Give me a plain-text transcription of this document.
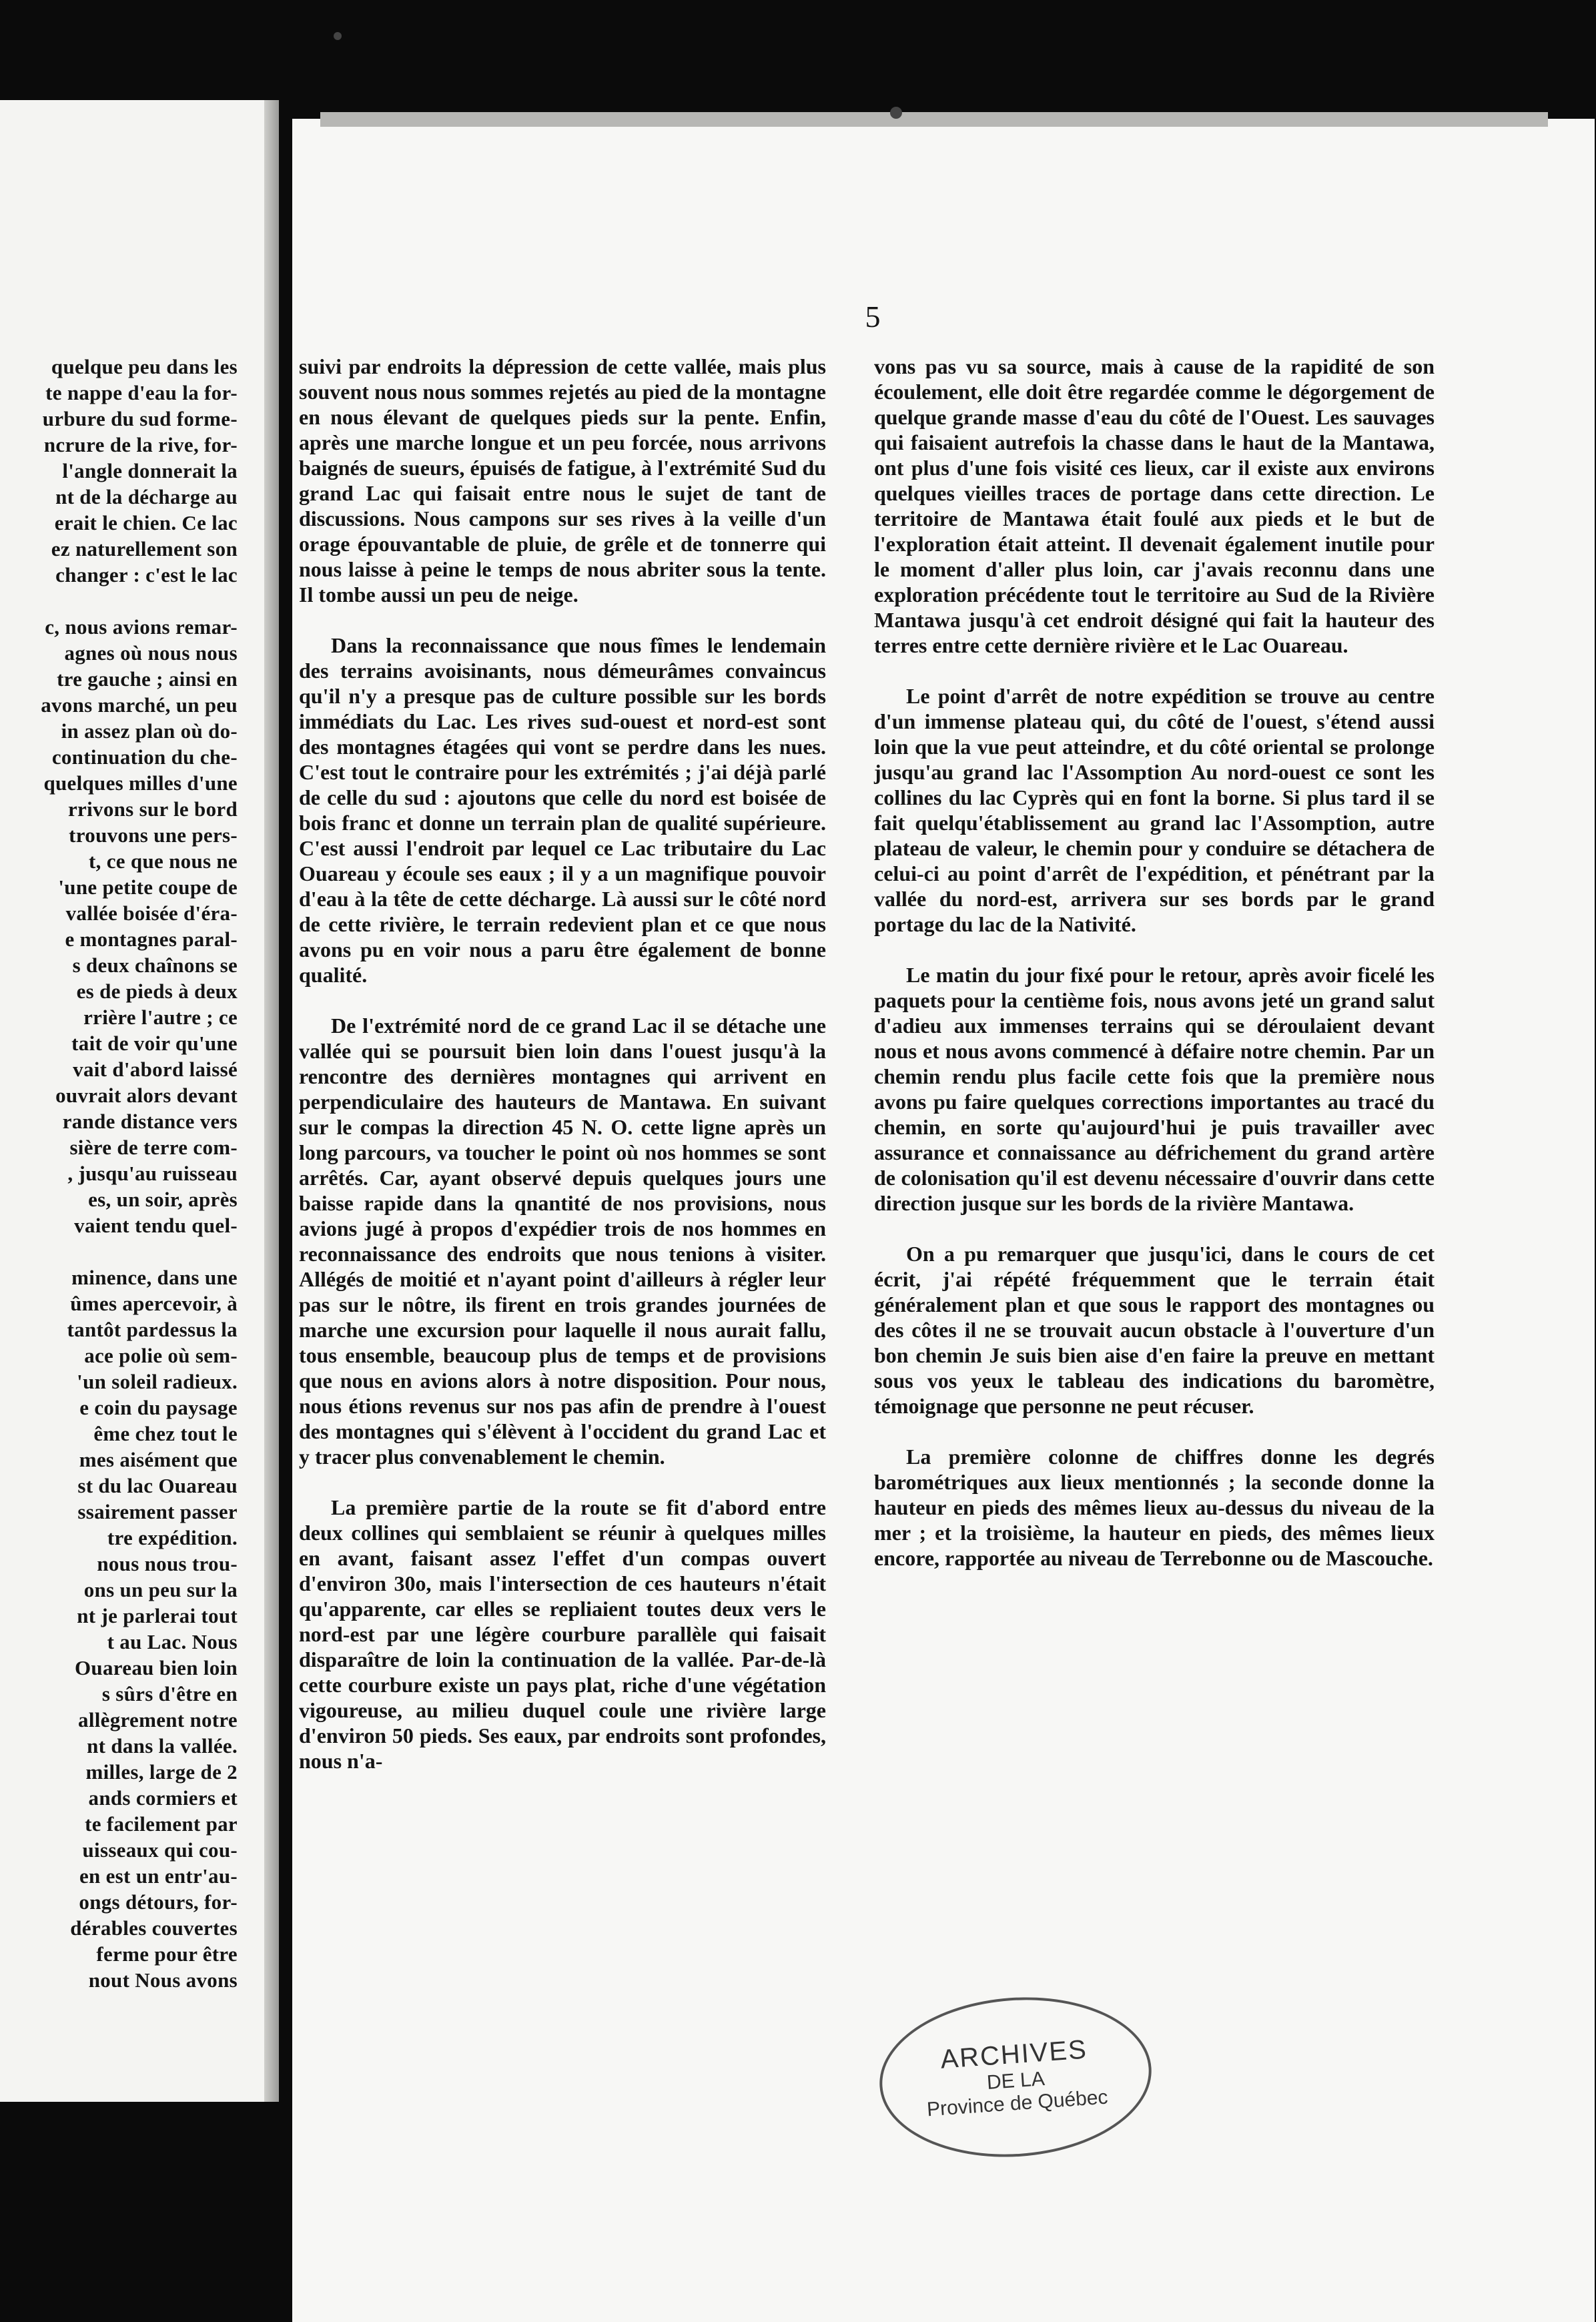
quelque peu dans les
te nappe d'eau la for-
urbure du sud forme-
ncrure de la rive, for-
l'angle donnerait la
nt de la décharge au
erait le chien. Ce lac
ez naturellement son
changer : c'est le lac
c, nous avions remar-
agnes où nous nous
tre gauche ; ainsi en
avons marché, un peu
in assez plan où do-
continuation du che-
quelques milles d'une
rrivons sur le bord
trouvons une pers-
t, ce que nous ne
'une petite coupe de
vallée boisée d'éra-
e montagnes paral-
s deux chaînons se
es de pieds à deux
rrière l'autre ; ce
tait de voir qu'une
vait d'abord laissé
ouvrait alors devant
rande distance vers
sière de terre com-
, jusqu'au ruisseau
es, un soir, après
vaient tendu quel-
minence, dans une
ûmes apercevoir, à
tantôt pardessus la
ace polie où sem-
'un soleil radieux.
e coin du paysage
ême chez tout le
mes aisément que
st du lac Ouareau
ssairement passer
tre expédition.
nous nous trou-
ons un peu sur la
nt je parlerai tout
t au Lac. Nous
Ouareau bien loin
s sûrs d'être en
allègrement notre
nt dans la vallée.
milles, large de 2
ands cormiers et
te facilement par
uisseaux qui cou-
en est un entr'au-
ongs détours, for-
dérables couvertes
ferme pour être
nout Nous avons
5

suivi par endroits la dépression de cette vallée, mais plus souvent nous nous sommes rejetés au pied de la montagne en nous élevant de quelques pieds sur la pente. Enfin, après une marche longue et un peu forcée, nous arrivons baignés de sueurs, épuisés de fatigue, à l'extrémité Sud du grand Lac qui faisait entre nous le sujet de tant de discussions. Nous campons sur ses rives à la veille d'un orage épouvantable de pluie, de grêle et de tonnerre qui nous laisse à peine le temps de nous abriter sous la tente. Il tombe aussi un peu de neige.

Dans la reconnaissance que nous fîmes le lendemain des terrains avoisinants, nous démeurâmes convaincus qu'il n'y a presque pas de culture possible sur les bords immédiats du Lac. Les rives sud-ouest et nord-est sont des montagnes étagées qui vont se perdre dans les nues. C'est tout le contraire pour les extrémités ; j'ai déjà parlé de celle du sud : ajoutons que celle du nord est boisée de bois franc et donne un terrain plan de qualité supérieure. C'est aussi l'endroit par lequel ce Lac tributaire du Lac Ouareau y écoule ses eaux ; il y a un magnifique pouvoir d'eau à la tête de cette décharge. Là aussi sur le côté nord de cette rivière, le terrain redevient plan et ce que nous avons pu en voir nous a paru être également de bonne qualité.

De l'extrémité nord de ce grand Lac il se détache une vallée qui se poursuit bien loin dans l'ouest jusqu'à la rencontre des dernières montagnes qui arrivent en perpendiculaire des hauteurs de Mantawa. En suivant sur le compas la direction 45 N. O. cette ligne après un long parcours, va toucher le point où nos hommes se sont arrêtés. Car, ayant observé depuis quelques jours une baisse rapide dans la qnantité de nos provisions, nous avions jugé à propos d'expédier trois de nos hommes en reconnaissance des endroits que nous tenions à visiter. Allégés de moitié et n'ayant point d'ailleurs à régler leur pas sur le nôtre, ils firent en trois grandes journées de marche une excursion pour laquelle il nous aurait fallu, tous ensemble, beaucoup plus de temps et de provisions que nous en avions alors à notre disposition. Pour nous, nous étions revenus sur nos pas afin de prendre à l'ouest des montagnes qui s'élèvent à l'occident du grand Lac et y tracer plus convenablement le chemin.

La première partie de la route se fit d'abord entre deux collines qui semblaient se réunir à quelques milles en avant, faisant assez l'effet d'un compas ouvert d'environ 30o, mais l'intersection de ces hauteurs n'était qu'apparente, car elles se repliaient toutes deux vers le nord-est par une légère courbure parallèle qui faisait disparaître de loin la continuation de la vallée. Par-de-là cette courbure existe un pays plat, riche d'une végétation vigoureuse, au milieu duquel coule une rivière large d'environ 50 pieds. Ses eaux, par endroits sont profondes, nous n'a-

vons pas vu sa source, mais à cause de la rapidité de son écoulement, elle doit être regardée comme le dégorgement de quelque grande masse d'eau du côté de l'Ouest. Les sauvages qui faisaient autrefois la chasse dans le haut de la Mantawa, ont plus d'une fois visité ces lieux, car il existe aux environs quelques vieilles traces de portage dans cette direction. Le territoire de Mantawa était foulé aux pieds et le but de l'exploration était atteint. Il devenait également inutile pour le moment d'aller plus loin, car j'avais reconnu dans une exploration précédente tout le territoire au Sud de la Rivière Mantawa jusqu'à cet endroit désigné qui fait la hauteur des terres entre cette dernière rivière et le Lac Ouareau.

Le point d'arrêt de notre expédition se trouve au centre d'un immense plateau qui, du côté de l'ouest, s'étend aussi loin que la vue peut atteindre, et du côté oriental se prolonge jusqu'au grand lac l'Assomption Au nord-ouest ce sont les collines du lac Cyprès qui en font la borne. Si plus tard il se fait quelqu'établissement au grand lac l'Assomption, autre plateau de valeur, le chemin pour y conduire se détachera de celui-ci au point d'arrêt de l'expédition, et pénétrant par la vallée du nord-est, arrivera sur ses bords par le grand portage du lac de la Nativité.

Le matin du jour fixé pour le retour, après avoir ficelé les paquets pour la centième fois, nous avons jeté un grand salut d'adieu aux immenses terrains qui se déroulaient devant nous et nous avons commencé à défaire notre chemin. Par un chemin rendu plus facile cette fois que la première nous avons pu faire quelques corrections importantes au tracé du chemin, en sorte qu'aujourd'hui je puis travailler avec assurance et connaissance au défrichement du grand artère de colonisation qu'il est devenu nécessaire d'ouvrir dans cette direction jusque sur les bords de la rivière Mantawa.

On a pu remarquer que jusqu'ici, dans le cours de cet écrit, j'ai répété fréquemment que le terrain était généralement plan et que sous le rapport des montagnes ou des côtes il ne se trouvait aucun obstacle à l'ouverture d'un bon chemin Je suis bien aise d'en faire la preuve en mettant sous vos yeux le tableau des indications du baromètre, témoignage que personne ne peut récuser.

La première colonne de chiffres donne les degrés barométriques aux lieux mentionnés ; la seconde donne la hauteur en pieds des mêmes lieux au-dessus du niveau de la mer ; et la troisième, la hauteur en pieds, des mêmes lieux encore, rapportée au niveau de Terrebonne ou de Mascouche.

ARCHIVES
DE LA
Province de Québec
